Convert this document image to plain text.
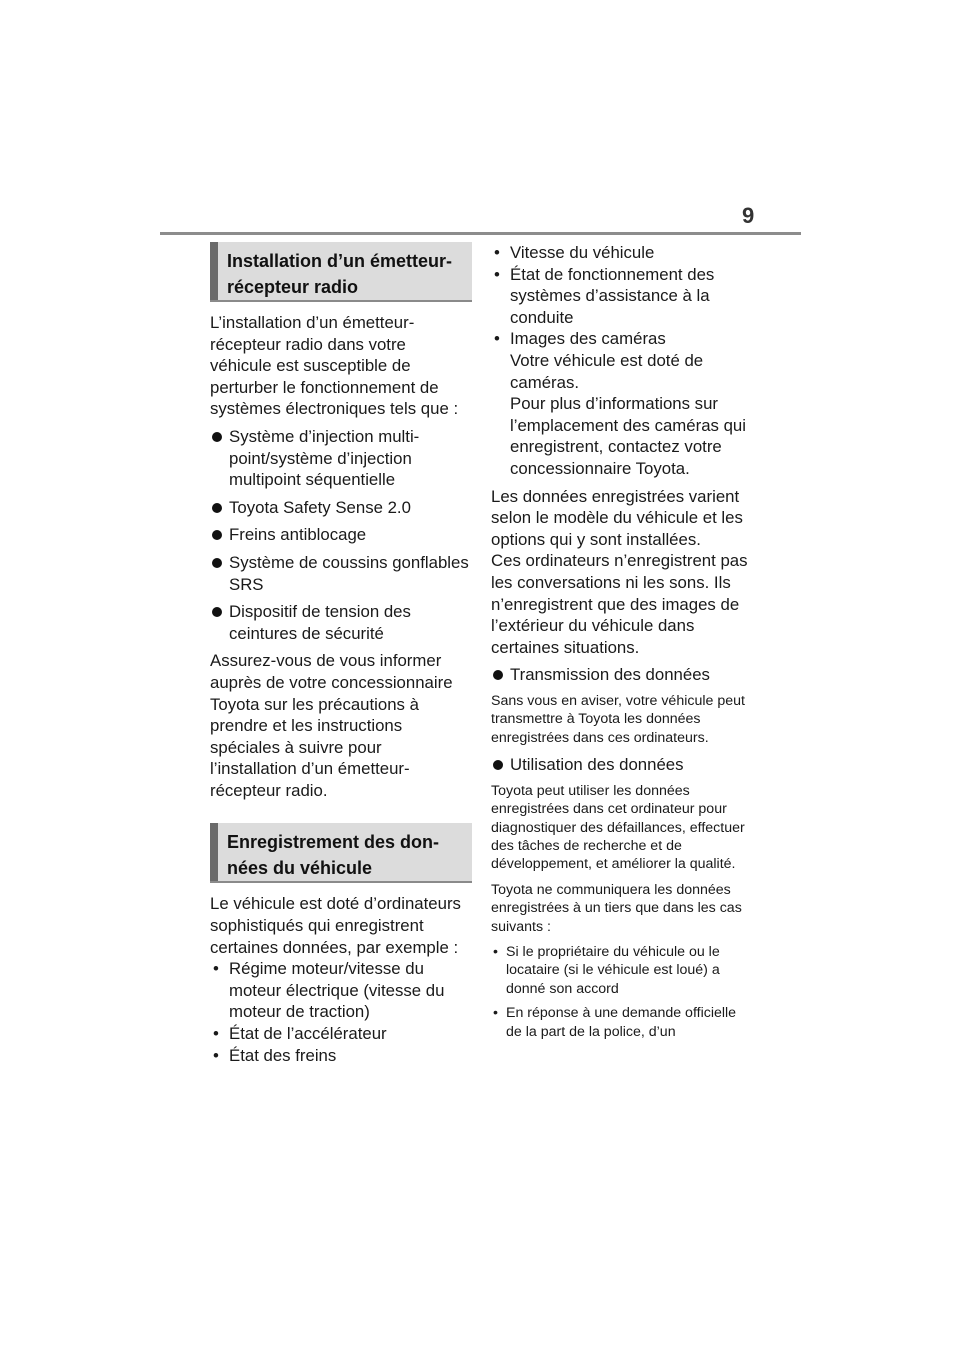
9
Installation d’un émetteur-
récepteur radio

L’installation d’un émetteur-récepteur radio dans votre véhicule est susceptible de perturber le fonctionnement de systèmes électroniques tels que :

Système d’injection multi-point/système d’injection multipoint séquentielle
Toyota Safety Sense 2.0
Freins antiblocage
Système de coussins gonflables SRS
Dispositif de tension des ceintures de sécurité

Assurez-vous de vous informer auprès de votre concessionnaire Toyota sur les précautions à prendre et les instructions spéciales à suivre pour l’installation d’un émetteur-récepteur radio.

Enregistrement des don-
nées du véhicule

Le véhicule est doté d’ordinateurs sophistiqués qui enregistrent certaines données, par exemple :

• Régime moteur/vitesse du moteur électrique (vitesse du moteur de traction)
• État de l’accélérateur
• État des freins
• Vitesse du véhicule
• État de fonctionnement des systèmes d’assistance à la conduite
• Images des caméras
Votre véhicule est doté de caméras.
Pour plus d’informations sur l’emplacement des caméras qui enregistrent, contactez votre concessionnaire Toyota.

Les données enregistrées varient selon le modèle du véhicule et les options qui y sont installées.

Ces ordinateurs n’enregistrent pas les conversations ni les sons. Ils n’enregistrent que des images de l’extérieur du véhicule dans certaines situations.

Transmission des données

Sans vous en aviser, votre véhicule peut transmettre à Toyota les données enregistrées dans ces ordinateurs.

Utilisation des données

Toyota peut utiliser les données enregistrées dans cet ordinateur pour diagnostiquer des défaillances, effectuer des tâches de recherche et de développement, et améliorer la qualité.

Toyota ne communiquera les données enregistrées à un tiers que dans les cas suivants :

• Si le propriétaire du véhicule ou le locataire (si le véhicule est loué) a donné son accord
• En réponse à une demande officielle de la part de la police, d’un
